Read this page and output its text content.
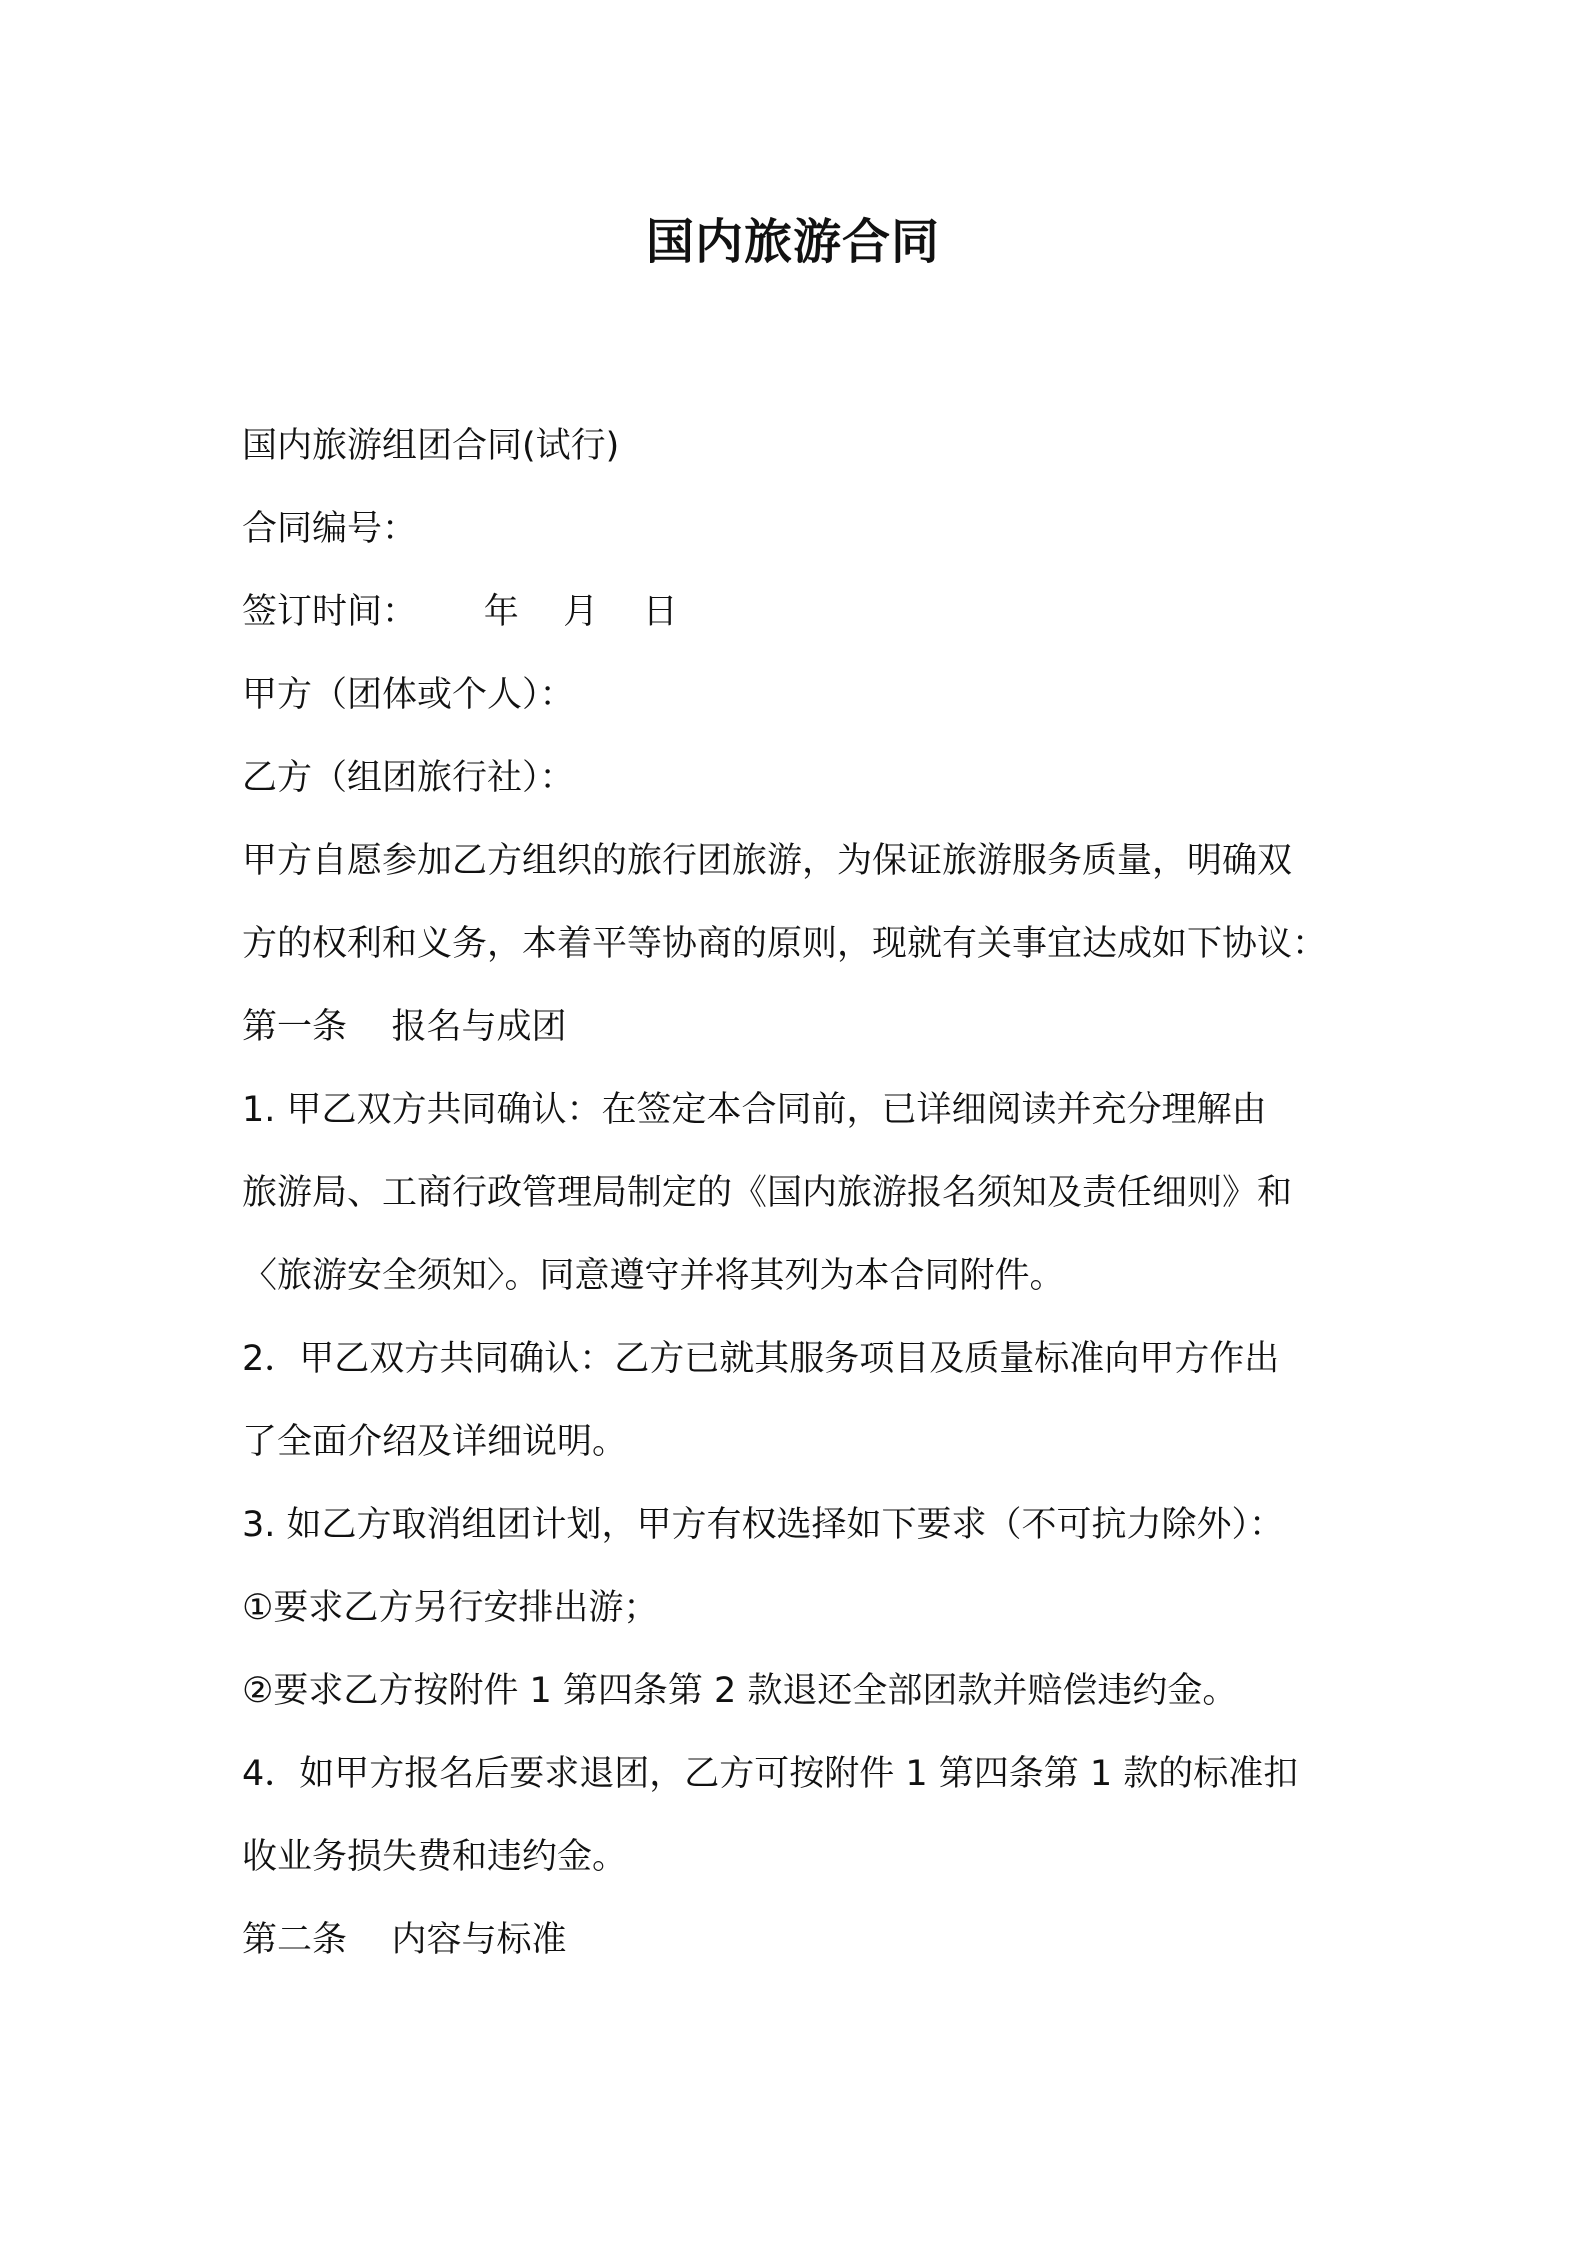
国内旅游合同
国内旅游组团合同(试行)
合同编号：
签订时间：      年    月    日
甲方（团体或个人）：
乙方（组团旅行社）：
甲方自愿参加乙方组织的旅行团旅游，为保证旅游服务质量，明确双
方的权利和义务，本着平等协商的原则，现就有关事宜达成如下协议：
第一条    报名与成团
1. 甲乙双方共同确认：在签定本合同前，已详细阅读并充分理解由
旅游局、工商行政管理局制定的《国内旅游报名须知及责任细则》和
〈旅游安全须知〉。同意遵守并将其列为本合同附件。
2．甲乙双方共同确认：乙方已就其服务项目及质量标准向甲方作出
了全面介绍及详细说明。
3. 如乙方取消组团计划，甲方有权选择如下要求（不可抗力除外）：
①要求乙方另行安排出游；
②要求乙方按附件 1 第四条第 2 款退还全部团款并赔偿违约金。
4．如甲方报名后要求退团，乙方可按附件 1 第四条第 1 款的标准扣
收业务损失费和违约金。
第二条    内容与标准
